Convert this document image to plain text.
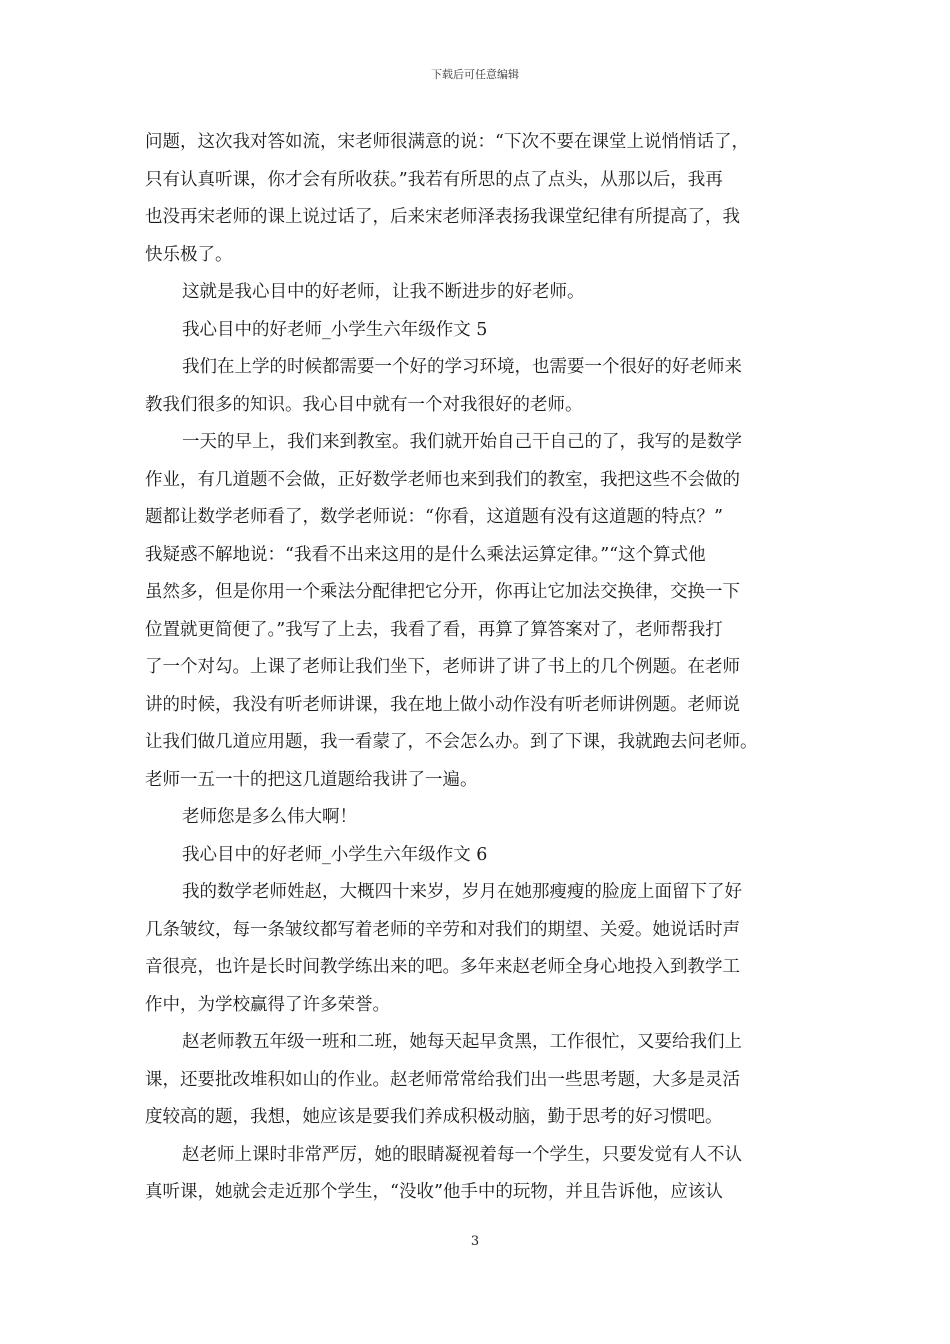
下载后可任意编辑

问题，这次我对答如流，宋老师很满意的说：“下次不要在课堂上说悄悄话了，
只有认真听课，你才会有所收获。”我若有所思的点了点头，从那以后，我再
也没再宋老师的课上说过话了，后来宋老师泽表扬我课堂纪律有所提高了，我
快乐极了。

这就是我心目中的好老师，让我不断进步的好老师。

我心目中的好老师_小学生六年级作文 5

我们在上学的时候都需要一个好的学习环境，也需要一个很好的好老师来
教我们很多的知识。我心目中就有一个对我很好的老师。

一天的早上，我们来到教室。我们就开始自己干自己的了，我写的是数学
作业，有几道题不会做，正好数学老师也来到我们的教室，我把这些不会做的
题都让数学老师看了，数学老师说：“你看，这道题有没有这道题的特点？”
我疑惑不解地说：“我看不出来这用的是什么乘法运算定律。”“这个算式他
虽然多，但是你用一个乘法分配律把它分开，你再让它加法交换律，交换一下
位置就更简便了。”我写了上去，我看了看，再算了算答案对了，老师帮我打
了一个对勾。上课了老师让我们坐下，老师讲了讲了书上的几个例题。在老师
讲的时候，我没有听老师讲课，我在地上做小动作没有听老师讲例题。老师说
让我们做几道应用题，我一看蒙了，不会怎么办。到了下课，我就跑去问老师。
老师一五一十的把这几道题给我讲了一遍。

老师您是多么伟大啊！

我心目中的好老师_小学生六年级作文 6

我的数学老师姓赵，大概四十来岁，岁月在她那瘦瘦的脸庞上面留下了好
几条皱纹，每一条皱纹都写着老师的辛劳和对我们的期望、关爱。她说话时声
音很亮，也许是长时间教学练出来的吧。多年来赵老师全身心地投入到教学工
作中，为学校赢得了许多荣誉。

赵老师教五年级一班和二班，她每天起早贪黑，工作很忙，又要给我们上
课，还要批改堆积如山的作业。赵老师常常给我们出一些思考题，大多是灵活
度较高的题，我想，她应该是要我们养成积极动脑，勤于思考的好习惯吧。

赵老师上课时非常严厉，她的眼睛凝视着每一个学生，只要发觉有人不认
真听课，她就会走近那个学生，“没收”他手中的玩物，并且告诉他，应该认

3
